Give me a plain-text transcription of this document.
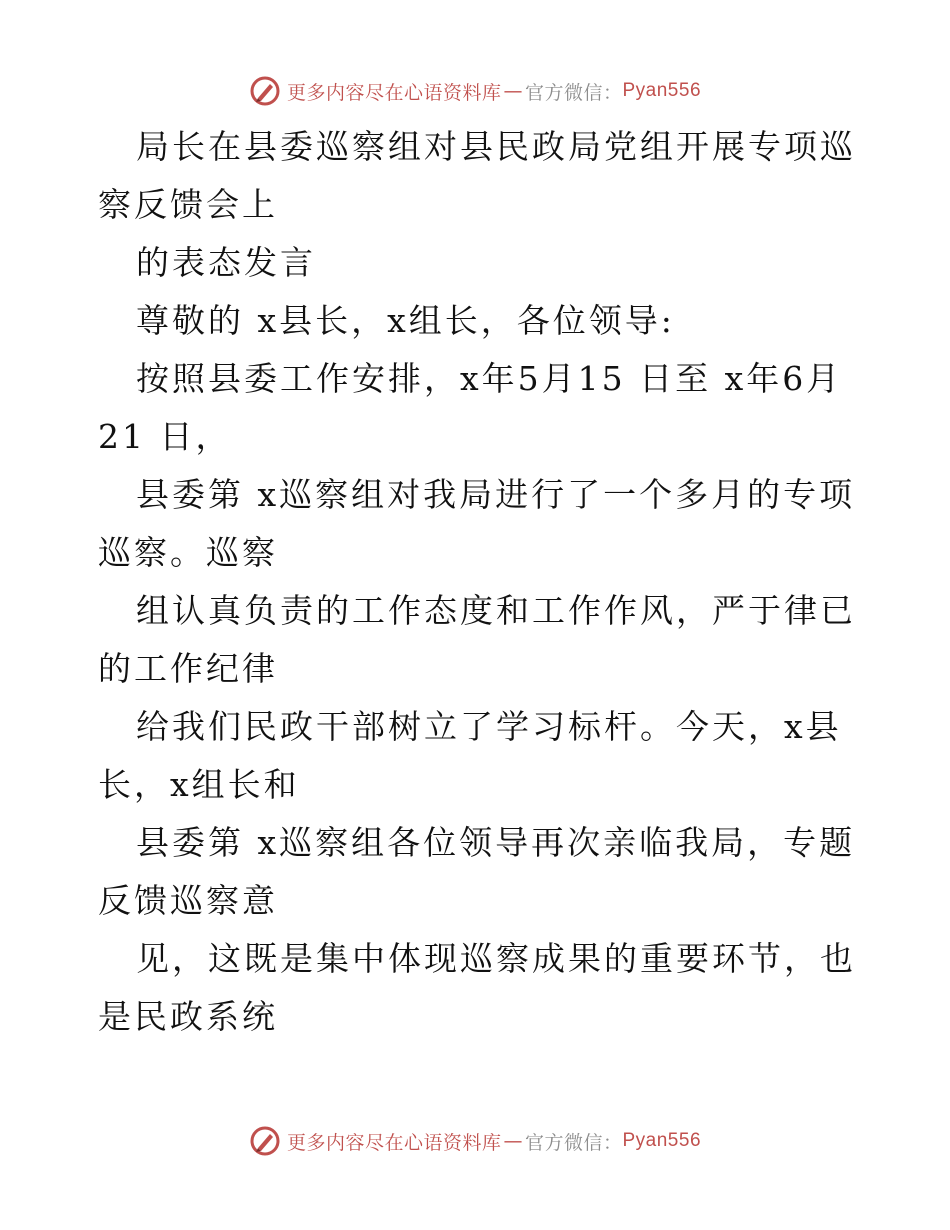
更多内容尽在心语资料库 — 官方微信： Pyan556

局长在县委巡察组对县民政局党组开展专项巡察反馈会上

的表态发言

尊敬的 x县长，x组长，各位领导:

按照县委工作安排，x年5月15 日至 x年6月21 日，

县委第 x巡察组对我局进行了一个多月的专项巡察。巡察

组认真负责的工作态度和工作作风，严于律已的工作纪律

给我们民政干部树立了学习标杆。今天，x县长，x组长和

县委第 x巡察组各位领导再次亲临我局，专题反馈巡察意

见，这既是集中体现巡察成果的重要环节，也是民政系统

更多内容尽在心语资料库 — 官方微信： Pyan556
